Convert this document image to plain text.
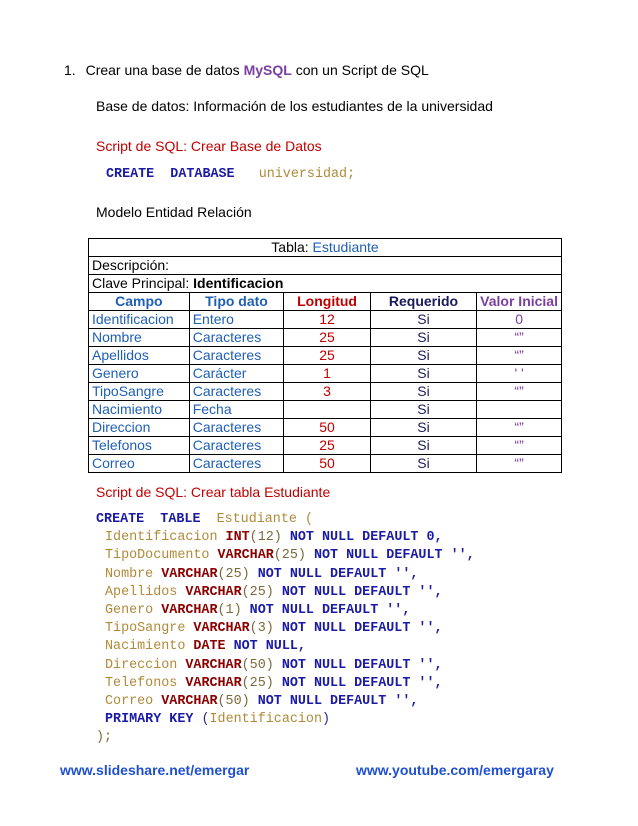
1. Crear una base de datos MySQL con un Script de SQL
Base de datos: Información de los estudiantes de la universidad
Script de SQL: Crear Base de Datos
CREATE DATABASE universidad;
Modelo Entidad Relación
Tabla: Estudiante				
Descripción:				
Clave Principal: Identificacion				
Campo	Tipo dato	Longitud	Requerido	Valor Inicial
Identificacion	Entero	12	Si	0
Nombre	Caracteres	25	Si	“”
Apellidos	Caracteres	25	Si	“”
Genero	Carácter	1	Si	' '
TipoSangre	Caracteres	3	Si	“”
Nacimiento	Fecha		Si	
Direccion	Caracteres	50	Si	“”
Telefonos	Caracteres	25	Si	“”
Correo	Caracteres	50	Si	“”
Script de SQL: Crear tabla Estudiante
CREATE TABLE Estudiante (
Identificacion INT(12) NOT NULL DEFAULT 0,
TipoDocumento VARCHAR(25) NOT NULL DEFAULT '',
Nombre VARCHAR(25) NOT NULL DEFAULT '',
Apellidos VARCHAR(25) NOT NULL DEFAULT '',
Genero VARCHAR(1) NOT NULL DEFAULT '',
TipoSangre VARCHAR(3) NOT NULL DEFAULT '',
Nacimiento DATE NOT NULL,
Direccion VARCHAR(50) NOT NULL DEFAULT '',
Telefonos VARCHAR(25) NOT NULL DEFAULT '',
Correo VARCHAR(50) NOT NULL DEFAULT '',
PRIMARY KEY (Identificacion)
);
www.slideshare.net/emergar	www.youtube.com/emergaray
